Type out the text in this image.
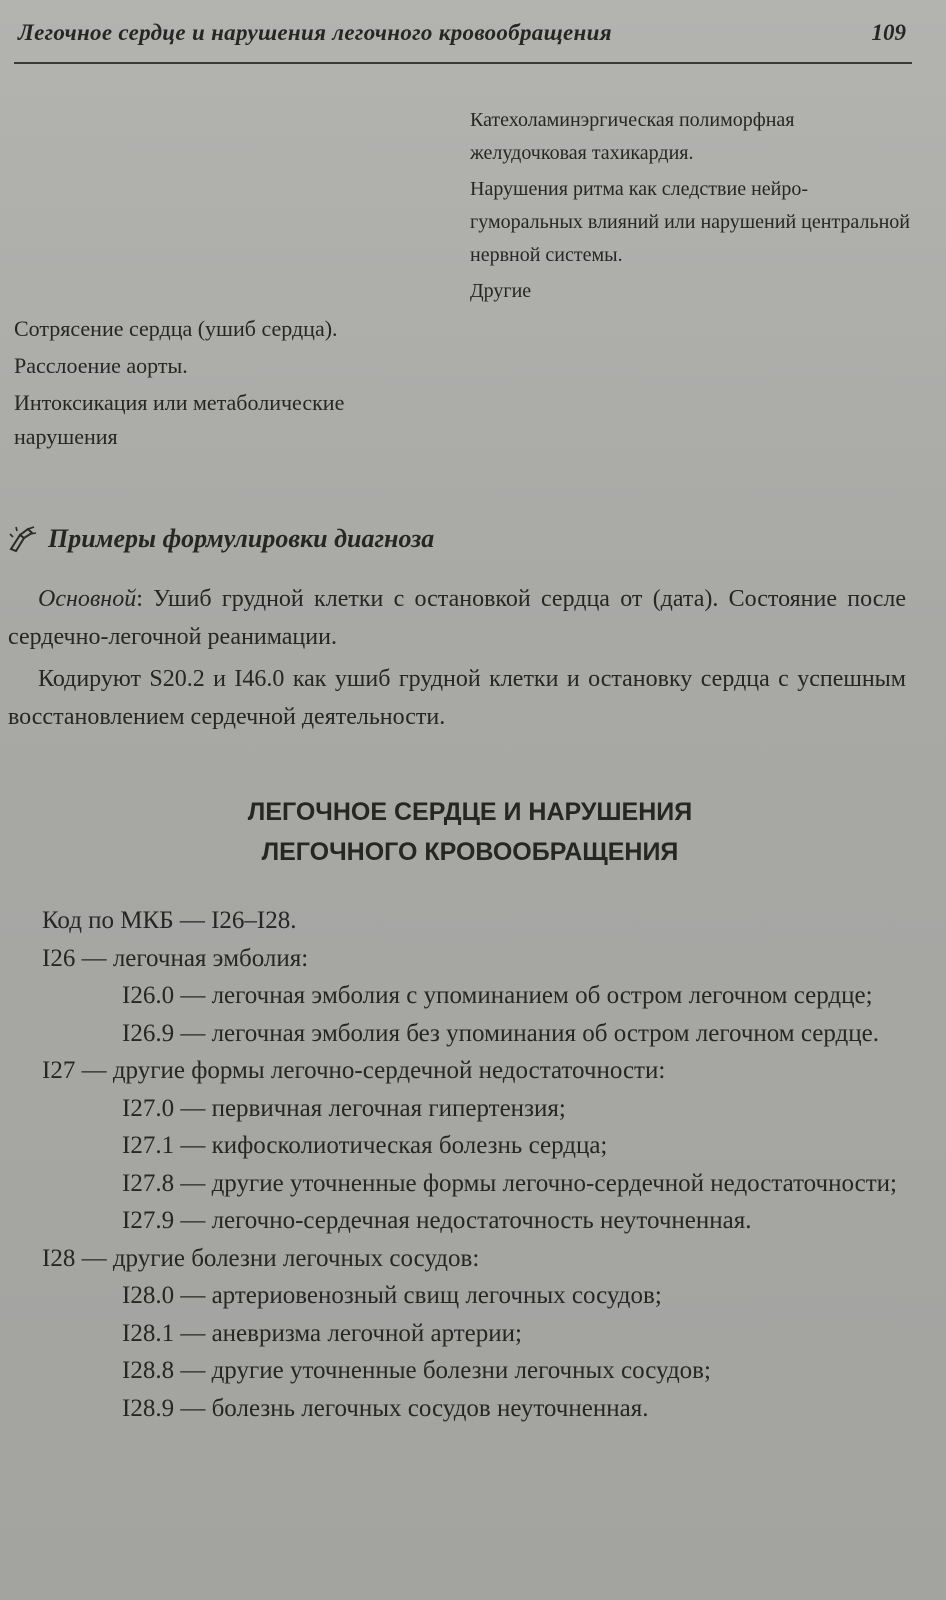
Легочное сердце и нарушения легочного кровообращения	109

Катехоламинэргическая полиморфная желудочковая тахикардия.

Нарушения ритма как следствие нейро-гуморальных влияний или нарушений центральной нервной системы.

Другие

Сотрясение сердца (ушиб сердца).

Расслоение аорты.

Интоксикация или метаболические нарушения

Примеры формулировки диагноза

Основной: Ушиб грудной клетки с остановкой сердца от (дата). Состояние после сердечно-легочной реанимации.

Кодируют S20.2 и I46.0 как ушиб грудной клетки и остановку сердца с успешным восстановлением сердечной деятельности.

ЛЕГОЧНОЕ СЕРДЦЕ И НАРУШЕНИЯ
ЛЕГОЧНОГО КРОВООБРАЩЕНИЯ

Код по МКБ — I26–I28.

I26 — легочная эмболия:

I26.0 — легочная эмболия с упоминанием об остром легочном сердце;

I26.9 — легочная эмболия без упоминания об остром легочном сердце.

I27 — другие формы легочно-сердечной недостаточности:

I27.0 — первичная легочная гипертензия;

I27.1 — кифосколиотическая болезнь сердца;

I27.8 — другие уточненные формы легочно-сердечной недостаточности;

I27.9 — легочно-сердечная недостаточность неуточненная.

I28 — другие болезни легочных сосудов:

I28.0 — артериовенозный свищ легочных сосудов;

I28.1 — аневризма легочной артерии;

I28.8 — другие уточненные болезни легочных сосудов;

I28.9 — болезнь легочных сосудов неуточненная.
